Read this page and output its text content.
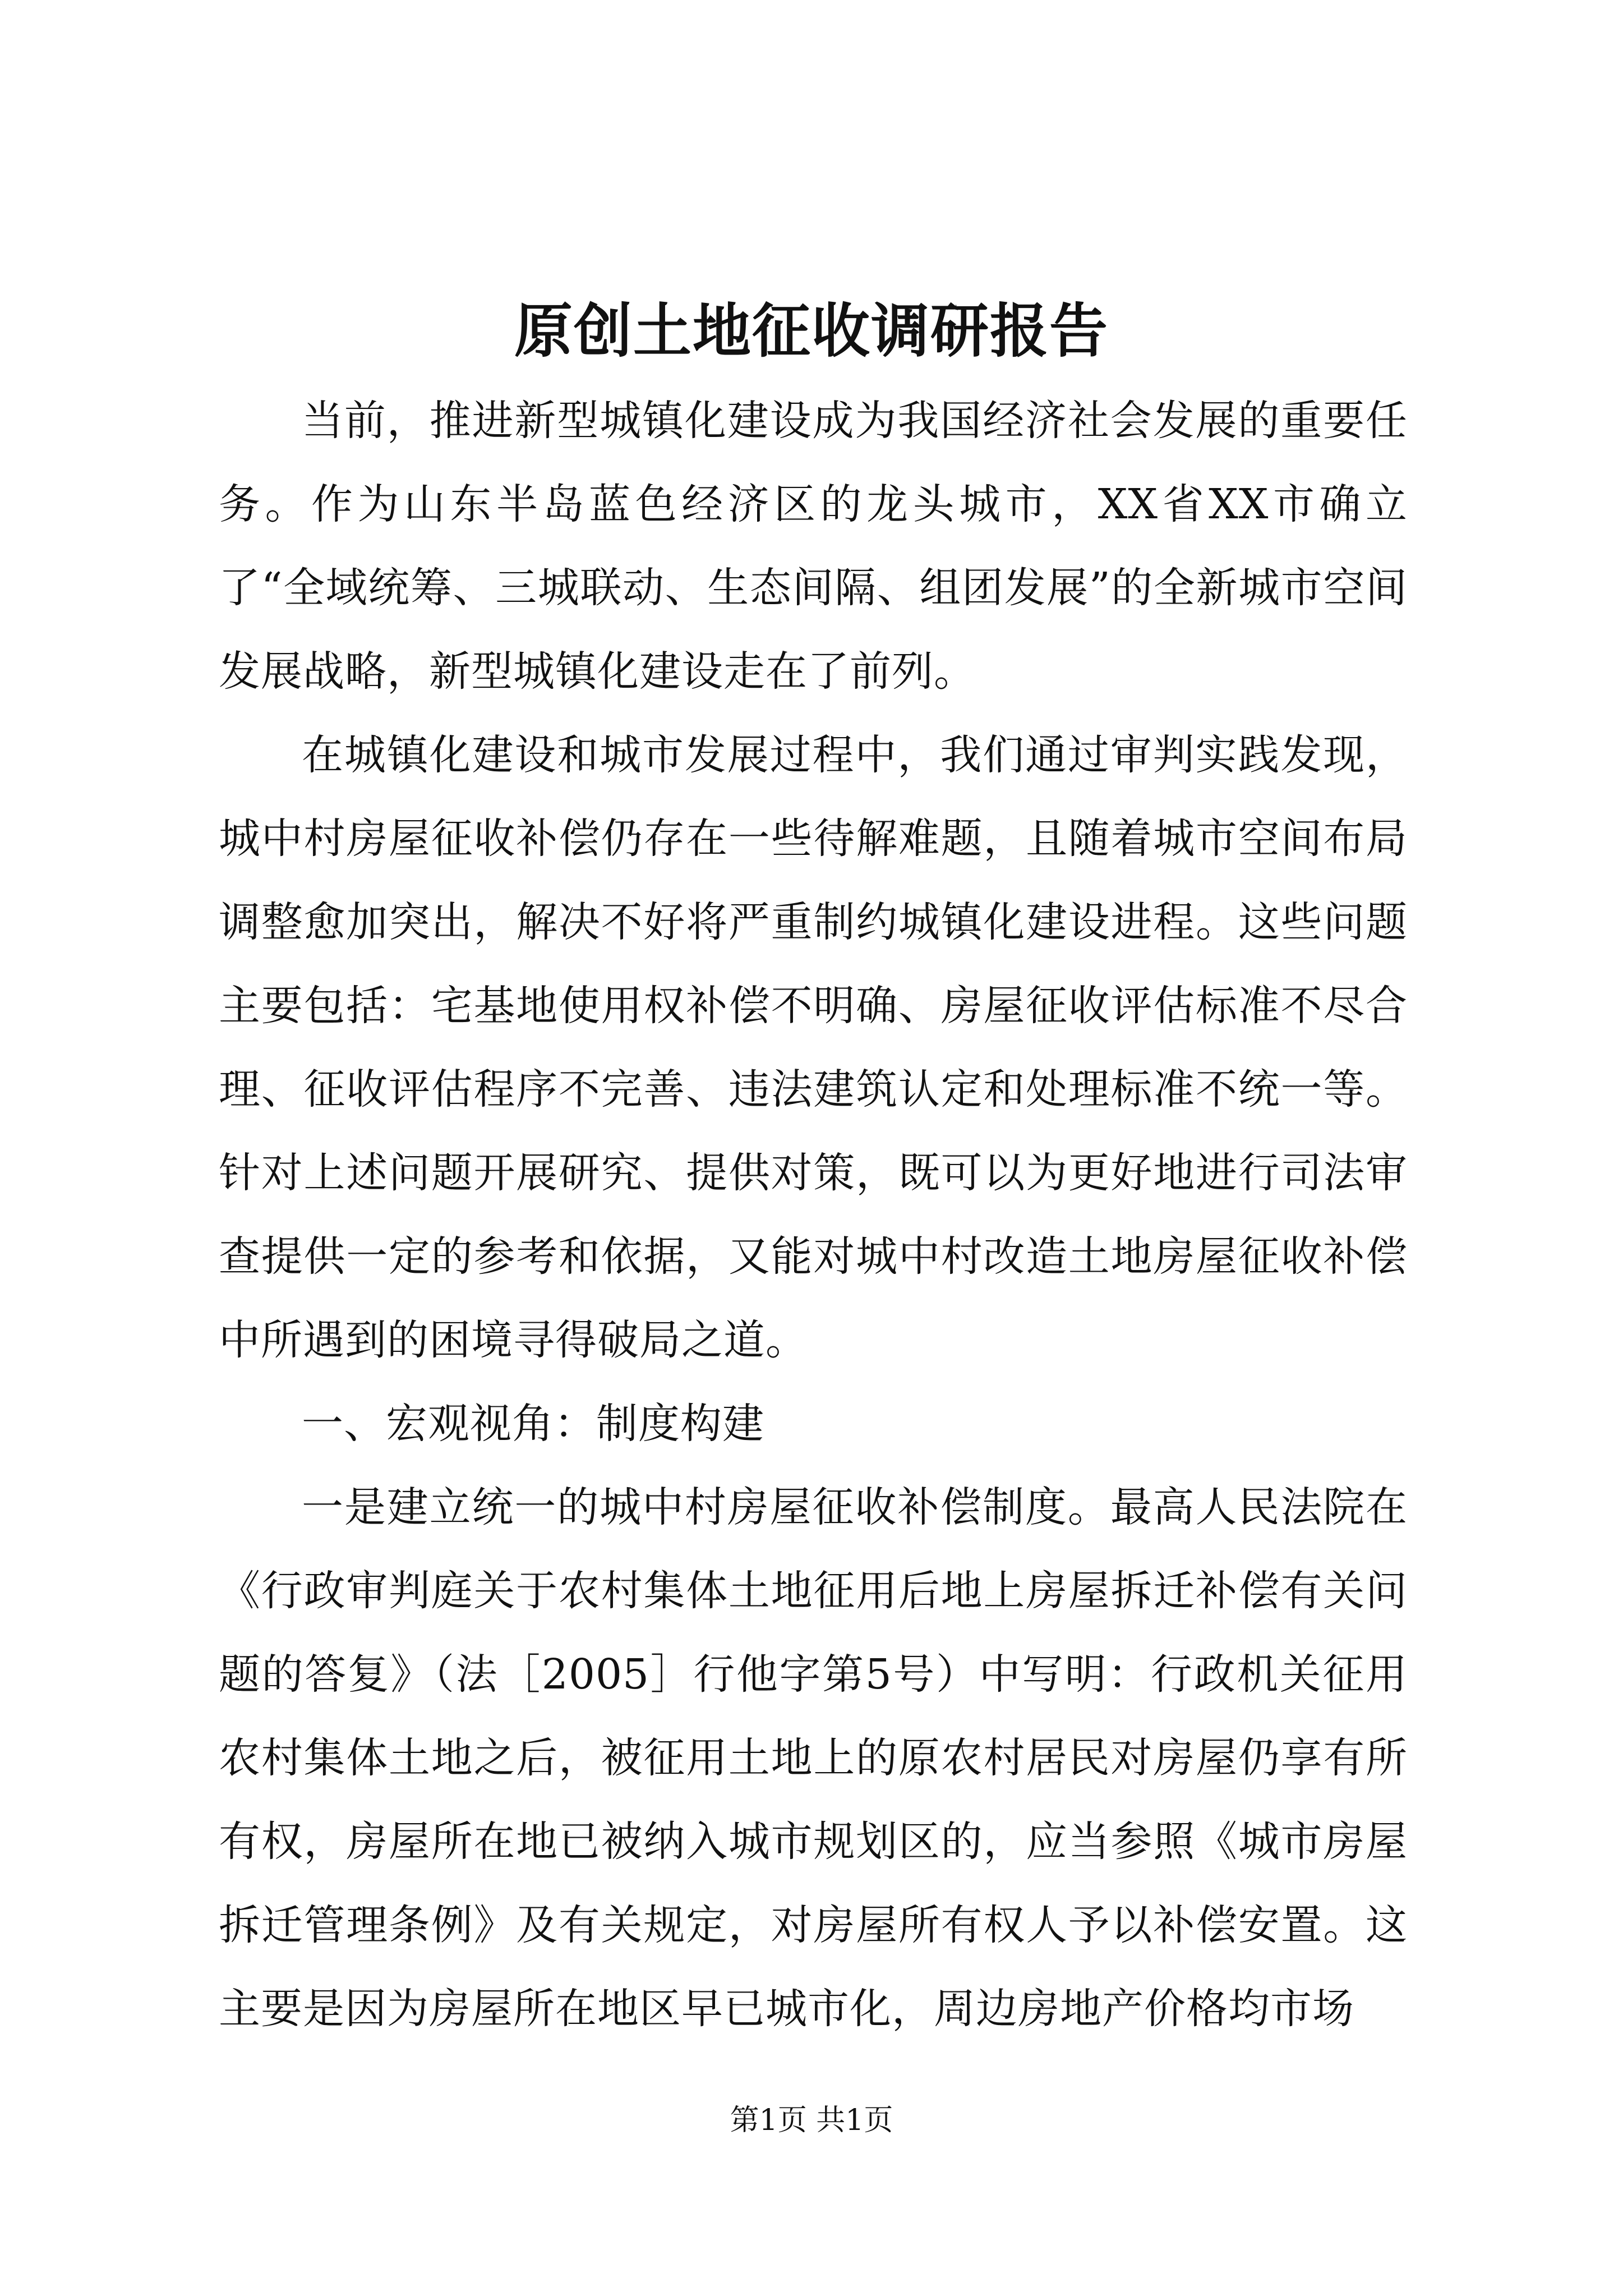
原创土地征收调研报告

当前，推进新型城镇化建设成为我国经济社会发展的重要任务。作为山东半岛蓝色经济区的龙头城市，XX省XX市确立了“全域统筹、三城联动、生态间隔、组团发展”的全新城市空间发展战略，新型城镇化建设走在了前列。

在城镇化建设和城市发展过程中，我们通过审判实践发现，城中村房屋征收补偿仍存在一些待解难题，且随着城市空间布局调整愈加突出，解决不好将严重制约城镇化建设进程。这些问题主要包括：宅基地使用权补偿不明确、房屋征收评估标准不尽合理、征收评估程序不完善、违法建筑认定和处理标准不统一等。针对上述问题开展研究、提供对策，既可以为更好地进行司法审查提供一定的参考和依据，又能对城中村改造土地房屋征收补偿中所遇到的困境寻得破局之道。

一、宏观视角：制度构建

一是建立统一的城中村房屋征收补偿制度。最高人民法院在《行政审判庭关于农村集体土地征用后地上房屋拆迁补偿有关问题的答复》（法［2005］行他字第5号）中写明：行政机关征用农村集体土地之后，被征用土地上的原农村居民对房屋仍享有所有权，房屋所在地已被纳入城市规划区的，应当参照《城市房屋拆迁管理条例》及有关规定，对房屋所有权人予以补偿安置。这主要是因为房屋所在地区早已城市化，周边房地产价格均市场

第1页 共1页
